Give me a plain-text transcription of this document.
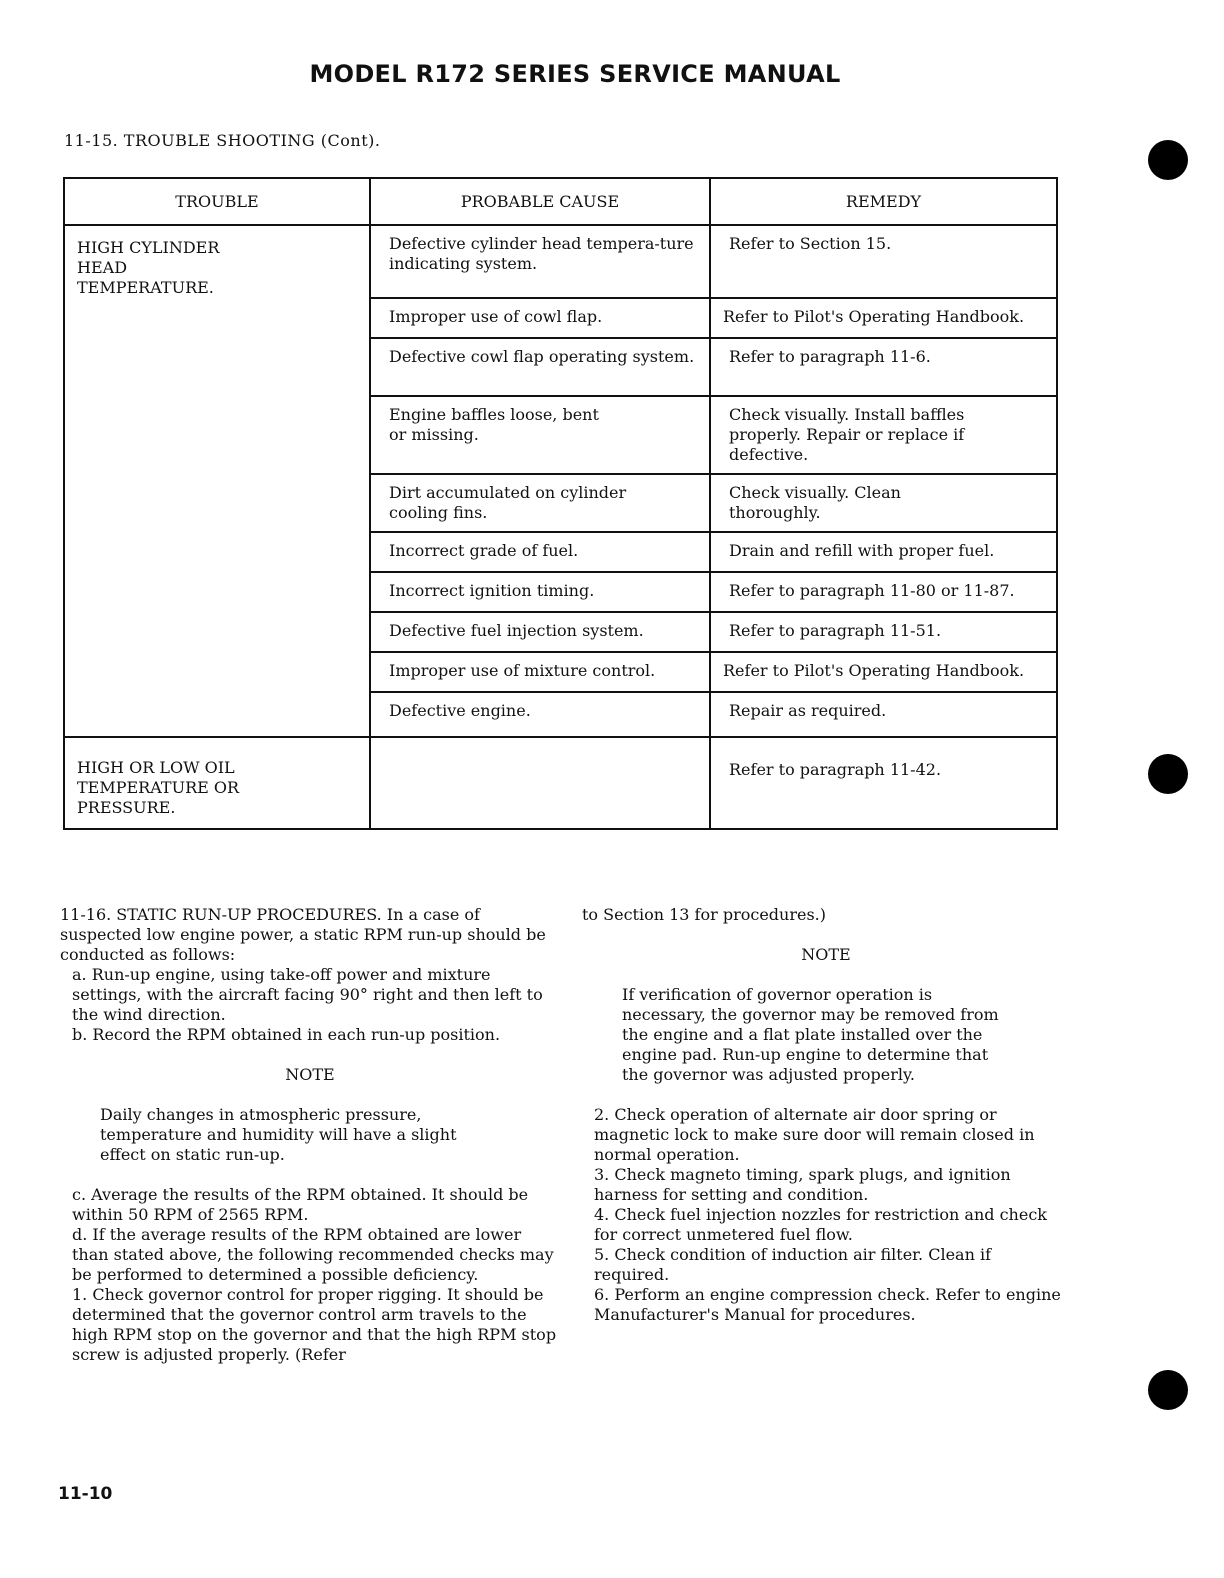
MODEL R172 SERIES SERVICE MANUAL
11-15. TROUBLE SHOOTING (Cont).
TROUBLE	PROBABLE CAUSE	REMEDY

HIGH CYLINDER HEAD TEMPERATURE.	Defective cylinder head tempera-ture indicating system.	Refer to Section 15.

	Improper use of cowl flap.	Refer to Pilot's Operating Handbook.

	Defective cowl flap operating system.	Refer to paragraph 11-6.

	Engine baffles loose, bent or missing.	Check visually. Install baffles properly. Repair or replace if defective.

	Dirt accumulated on cylinder cooling fins.	Check visually. Clean thoroughly.

	Incorrect grade of fuel.	Drain and refill with proper fuel.

	Incorrect ignition timing.	Refer to paragraph 11-80 or 11-87.

	Defective fuel injection system.	Refer to paragraph 11-51.

	Improper use of mixture control.	Refer to Pilot's Operating Handbook.

	Defective engine.	Repair as required.

HIGH OR LOW OIL TEMPERATURE OR PRESSURE.		Refer to paragraph 11-42.

11-16. STATIC RUN-UP PROCEDURES. In a case of suspected low engine power, a static RPM run-up should be conducted as follows:

a. Run-up engine, using take-off power and mixture settings, with the aircraft facing 90° right and then left to the wind direction.

b. Record the RPM obtained in each run-up position.

NOTE

Daily changes in atmospheric pressure, temperature and humidity will have a slight effect on static run-up.

c. Average the results of the RPM obtained. It should be within 50 RPM of 2565 RPM.

d. If the average results of the RPM obtained are lower than stated above, the following recommended checks may be performed to determined a possible deficiency.

1. Check governor control for proper rigging. It should be determined that the governor control arm travels to the high RPM stop on the governor and that the high RPM stop screw is adjusted properly. (Refer

to Section 13 for procedures.)

NOTE

If verification of governor operation is necessary, the governor may be removed from the engine and a flat plate installed over the engine pad. Run-up engine to determine that the governor was adjusted properly.

2. Check operation of alternate air door spring or magnetic lock to make sure door will remain closed in normal operation.

3. Check magneto timing, spark plugs, and ignition harness for setting and condition.

4. Check fuel injection nozzles for restriction and check for correct unmetered fuel flow.

5. Check condition of induction air filter. Clean if required.

6. Perform an engine compression check. Refer to engine Manufacturer's Manual for procedures.

11-10
